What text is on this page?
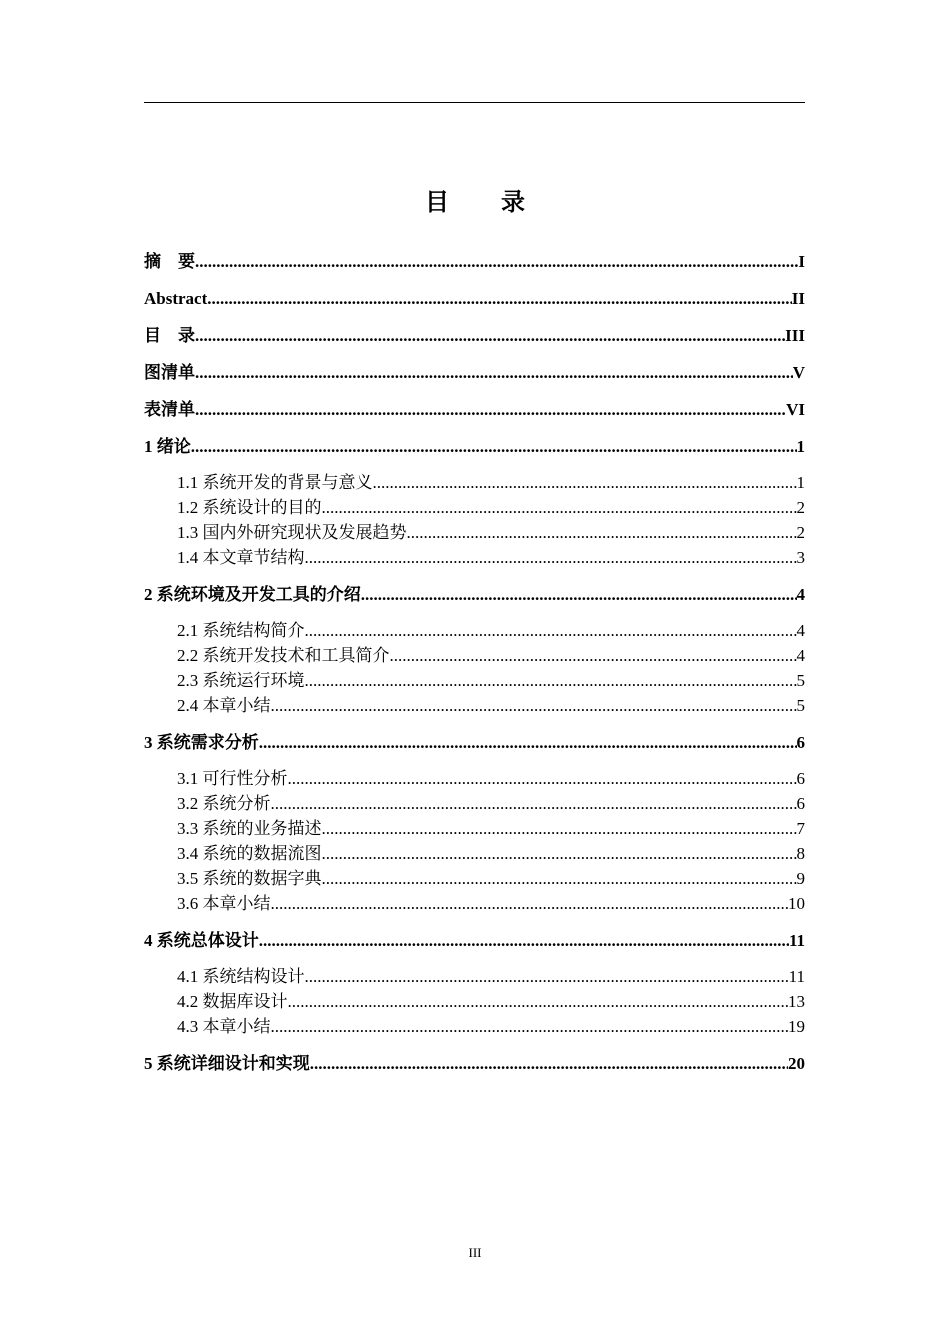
目　录
摘　要 .....	I
Abstract .....	II
目　录 .....	III
图清单 .....	V
表清单 .....	VI
1 绪论 .....	1
1.1 系统开发的背景与意义 .....	1
1.2 系统设计的目的 .....	2
1.3 国内外研究现状及发展趋势 .....	2
1.4 本文章节结构 .....	3
2 系统环境及开发工具的介绍 .....	4
2.1 系统结构简介 .....	4
2.2 系统开发技术和工具简介 .....	4
2.3 系统运行环境 .....	5
2.4 本章小结 .....	5
3 系统需求分析 .....	6
3.1 可行性分析 .....	6
3.2 系统分析 .....	6
3.3 系统的业务描述 .....	7
3.4 系统的数据流图 .....	8
3.5 系统的数据字典 .....	9
3.6 本章小结 .....	10
4 系统总体设计 .....	11
4.1 系统结构设计 .....	11
4.2 数据库设计 .....	13
4.3 本章小结 .....	19
5 系统详细设计和实现 .....	20
III
